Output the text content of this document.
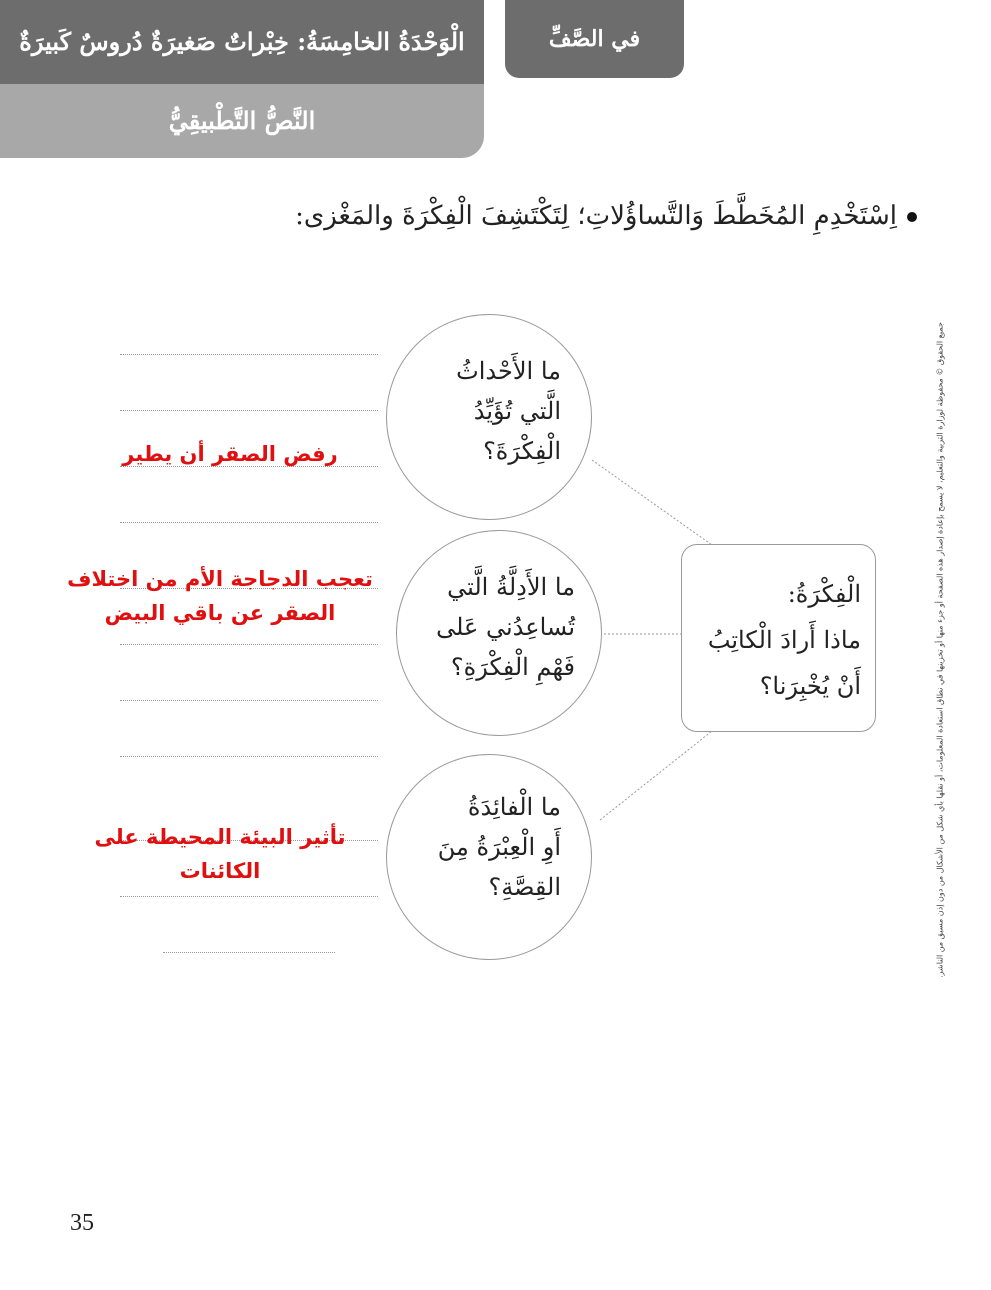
الْوَحْدَةُ الخامِسَةُ: خِبْراتٌ صَغيرَةٌ دُروسٌ كَبيرَةٌ	في الصَّفِّ
النَّصُّ التَّطْبيقِيُّ
اِسْتَخْدِمِ المُخَطَّطَ وَالتَّساؤُلاتِ؛ لِتَكْتَشِفَ الْفِكْرَةَ والمَغْزى:
ما الأَحْداثُ
الَّتي تُؤَيِّدُ
الْفِكْرَةَ؟
ما الأَدِلَّةُ الَّتي
تُساعِدُني عَلى
فَهْمِ الْفِكْرَةِ؟
ما الْفائِدَةُ
أَوِ الْعِبْرَةُ مِنَ
القِصَّةِ؟
الْفِكْرَةُ:
ماذا أَرادَ الْكاتِبُ
أَنْ يُخْبِرَنا؟
رفض الصقر أن يطير
تعجب الدجاجة الأم من اختلاف
الصقر عن باقي البيض
تأثير البيئة المحيطة على
الكائنات	جميع الحقوق © محفوظة لوزارة التربية والتعليم، لا يسمح بإعادة إصدار هذه الصفحة أو جزء منها أو تخزينها في نطاق استعادة المعلومات، أو نقلها بأي شكل من الأشكال من دون إذن مسبق من الناشر.
35
